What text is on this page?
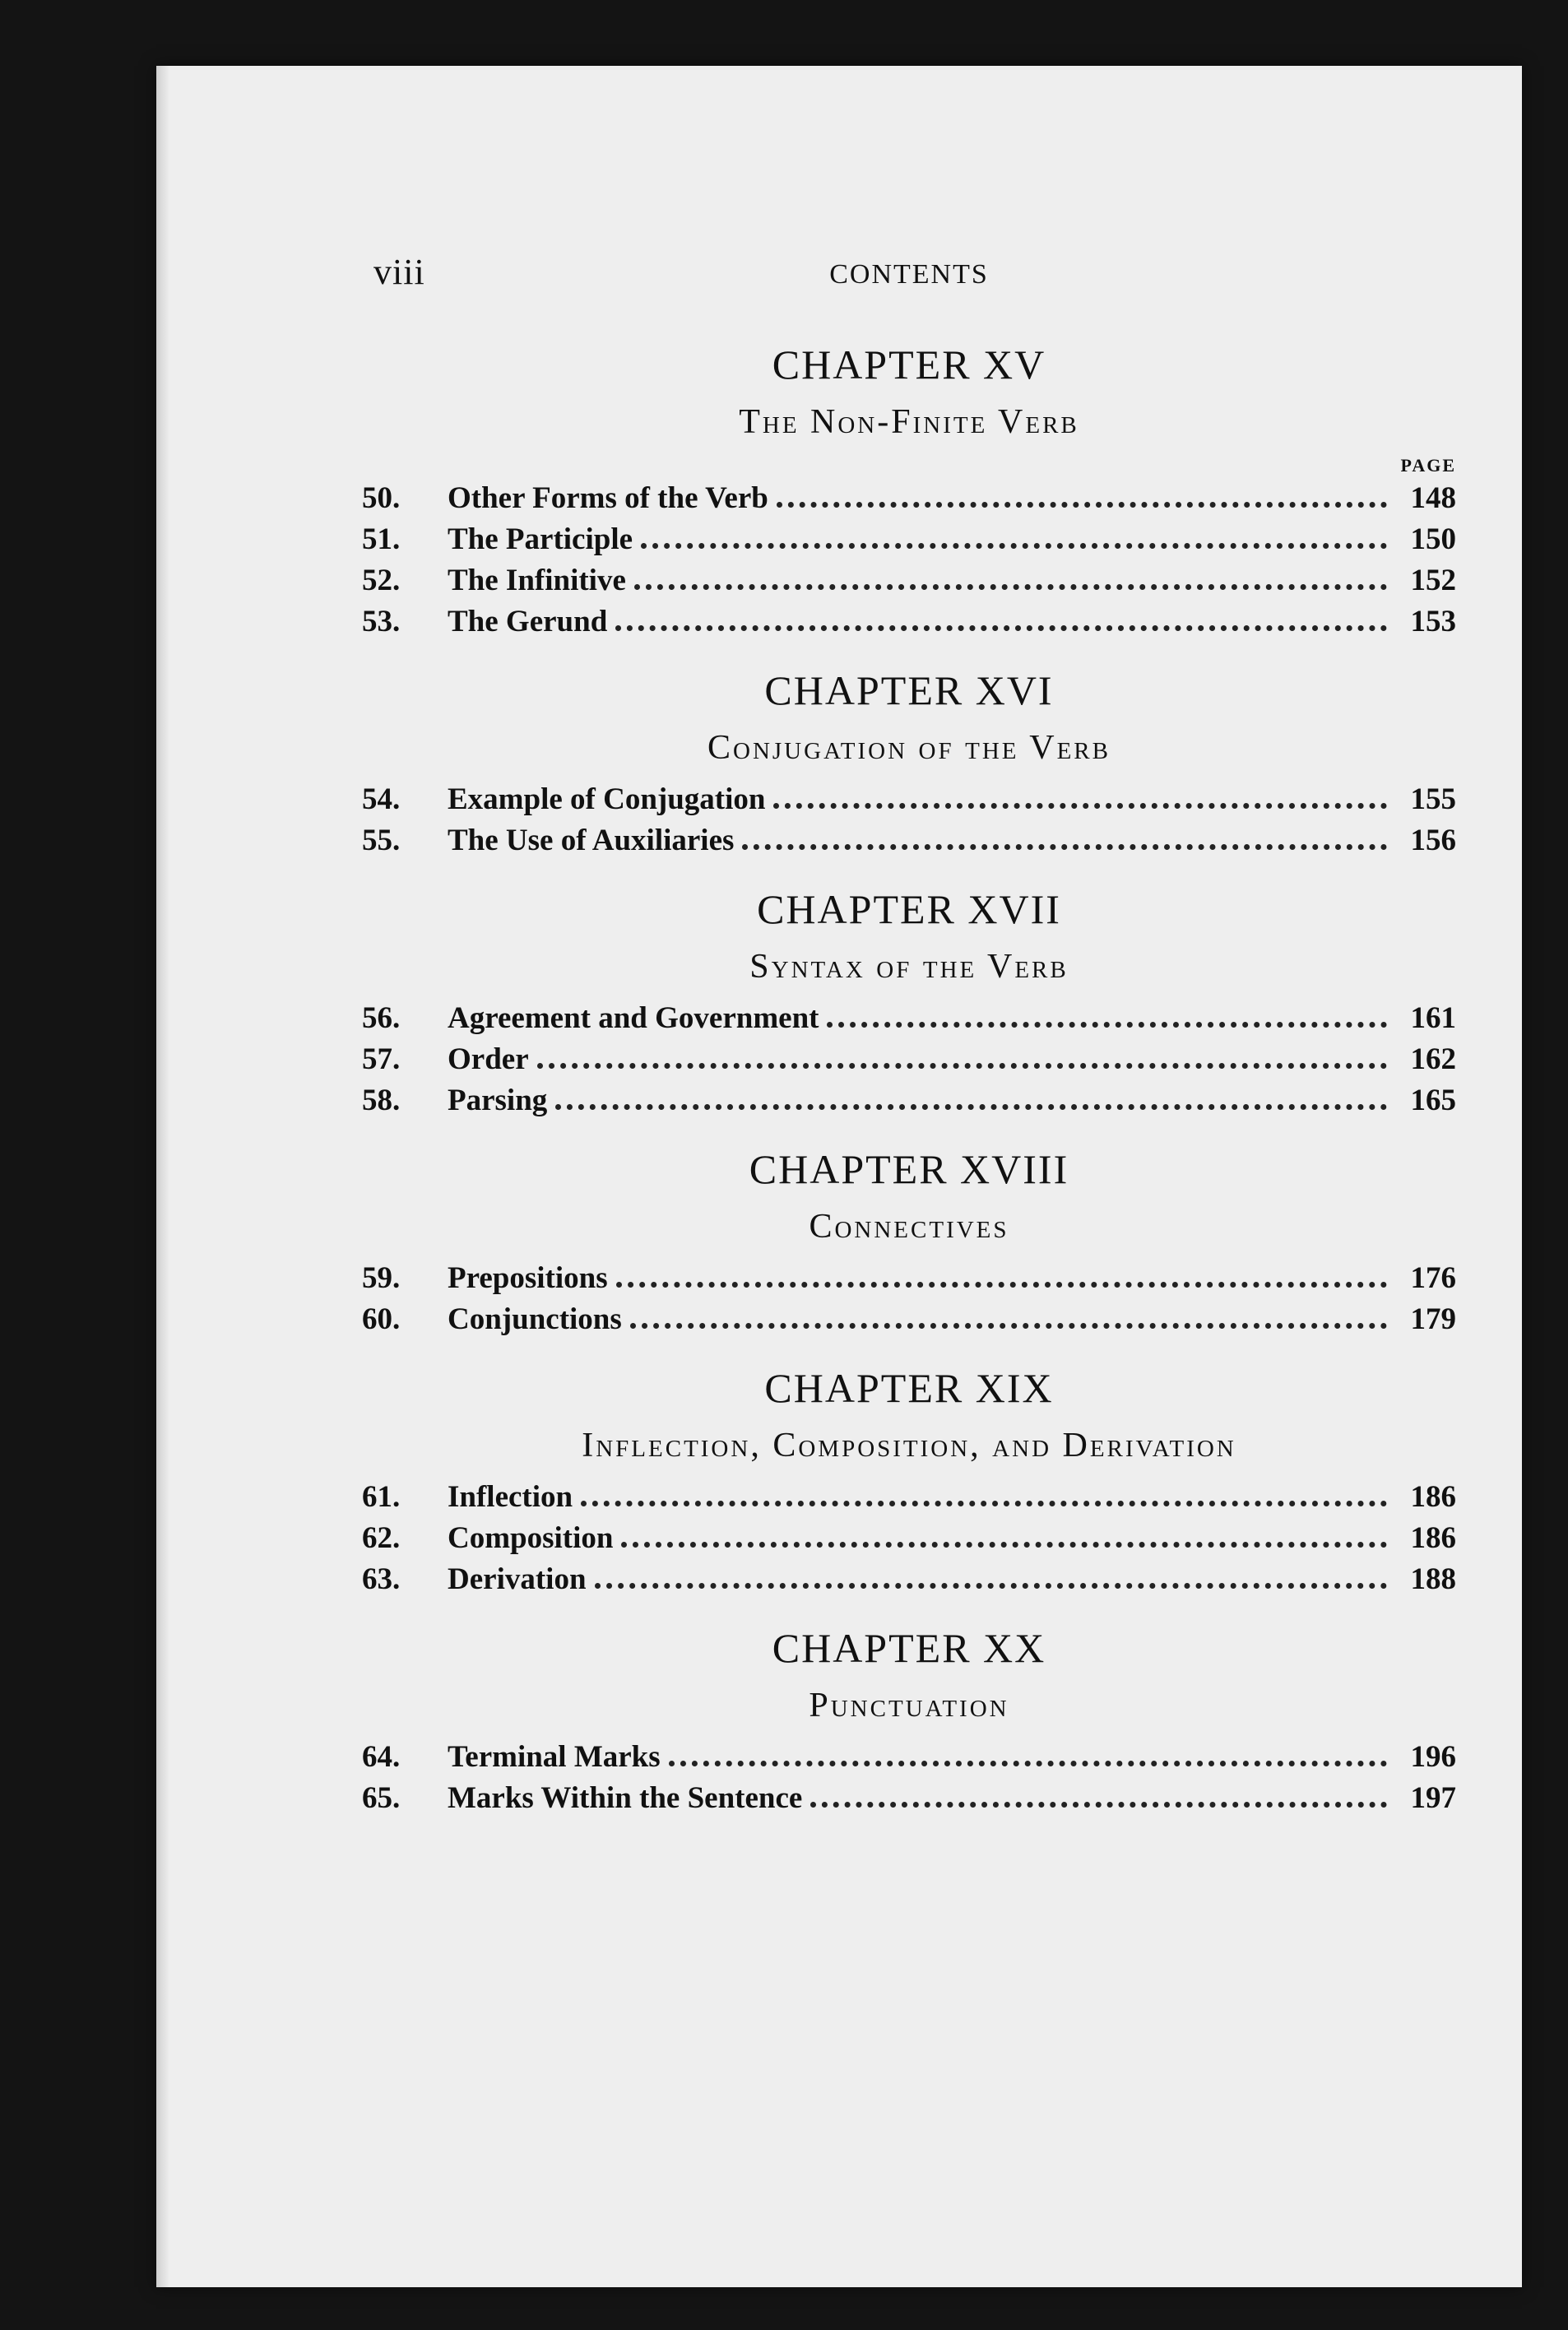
viii	CONTENTS
CHAPTER XV
The Non-Finite Verb
PAGE
50.	Other Forms of the Verb	148
51.	The Participle	150
52.	The Infinitive	152
53.	The Gerund	153
CHAPTER XVI
Conjugation of the Verb
54.	Example of Conjugation	155
55.	The Use of Auxiliaries	156
CHAPTER XVII
Syntax of the Verb
56.	Agreement and Government	161
57.	Order	162
58.	Parsing	165
CHAPTER XVIII
Connectives
59.	Prepositions	176
60.	Conjunctions	179
CHAPTER XIX
Inflection, Composition, and Derivation
61.	Inflection	186
62.	Composition	186
63.	Derivation	188
CHAPTER XX
Punctuation
64.	Terminal Marks	196
65.	Marks Within the Sentence	197
